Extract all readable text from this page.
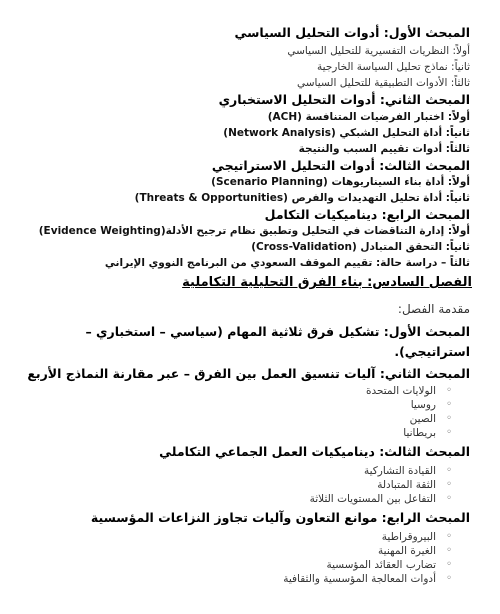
المبحث الأول: أدوات التحليل السياسي

أولاً: النظريات التفسيرية للتحليل السياسي

ثانياً: نماذج تحليل السياسة الخارجية

ثالثاً: الأدوات التطبيقية للتحليل السياسي

المبحث الثاني: أدوات التحليل الاستخباري

أولاً: اختبار الفرضيات المتنافسة (ACH)

ثانياً: أداة التحليل الشبكي (Network Analysis)

ثالثاً: أدوات تقييم السبب والنتيجة

المبحث الثالث: أدوات التحليل الاستراتيجي

أولاً: أداة بناء السيناريوهات (Scenario Planning)

ثانياً: أداة تحليل التهديدات والفرص (Threats & Opportunities)

المبحث الرابع: ديناميكيات التكامل

أولاً: إدارة التناقضات في التحليل وتطبيق نظام ترجيح الأدلة(Evidence Weighting)

ثانياً: التحقق المتبادل (Cross-Validation)

ثالثاً – دراسة حالة: تقييم الموقف السعودي من البرنامج النووي الإيراني

الفصل السادس: بناء الفرق التحليلية التكاملية

مقدمة الفصل:

المبحث الأول: تشكيل فرق ثلاثية المهام (سياسي – استخباري –

استراتيجي).

المبحث الثاني: آليات تنسيق العمل بين الفرق – عبر مقارنة النماذج الأربع

◦ الولايات المتحدة

◦ روسيا

◦ الصين

◦ بريطانيا

المبحث الثالث: ديناميكيات العمل الجماعي التكاملي

◦ القيادة التشاركية

◦ الثقة المتبادلة

◦ التفاعل بين المستويات الثلاثة

المبحث الرابع: موانع التعاون وآليات تجاوز النزاعات المؤسسية

◦ البيروقراطية

◦ الغيرة المهنية

◦ تضارب العقائد المؤسسية

◦ أدوات المعالجة المؤسسية والثقافية
